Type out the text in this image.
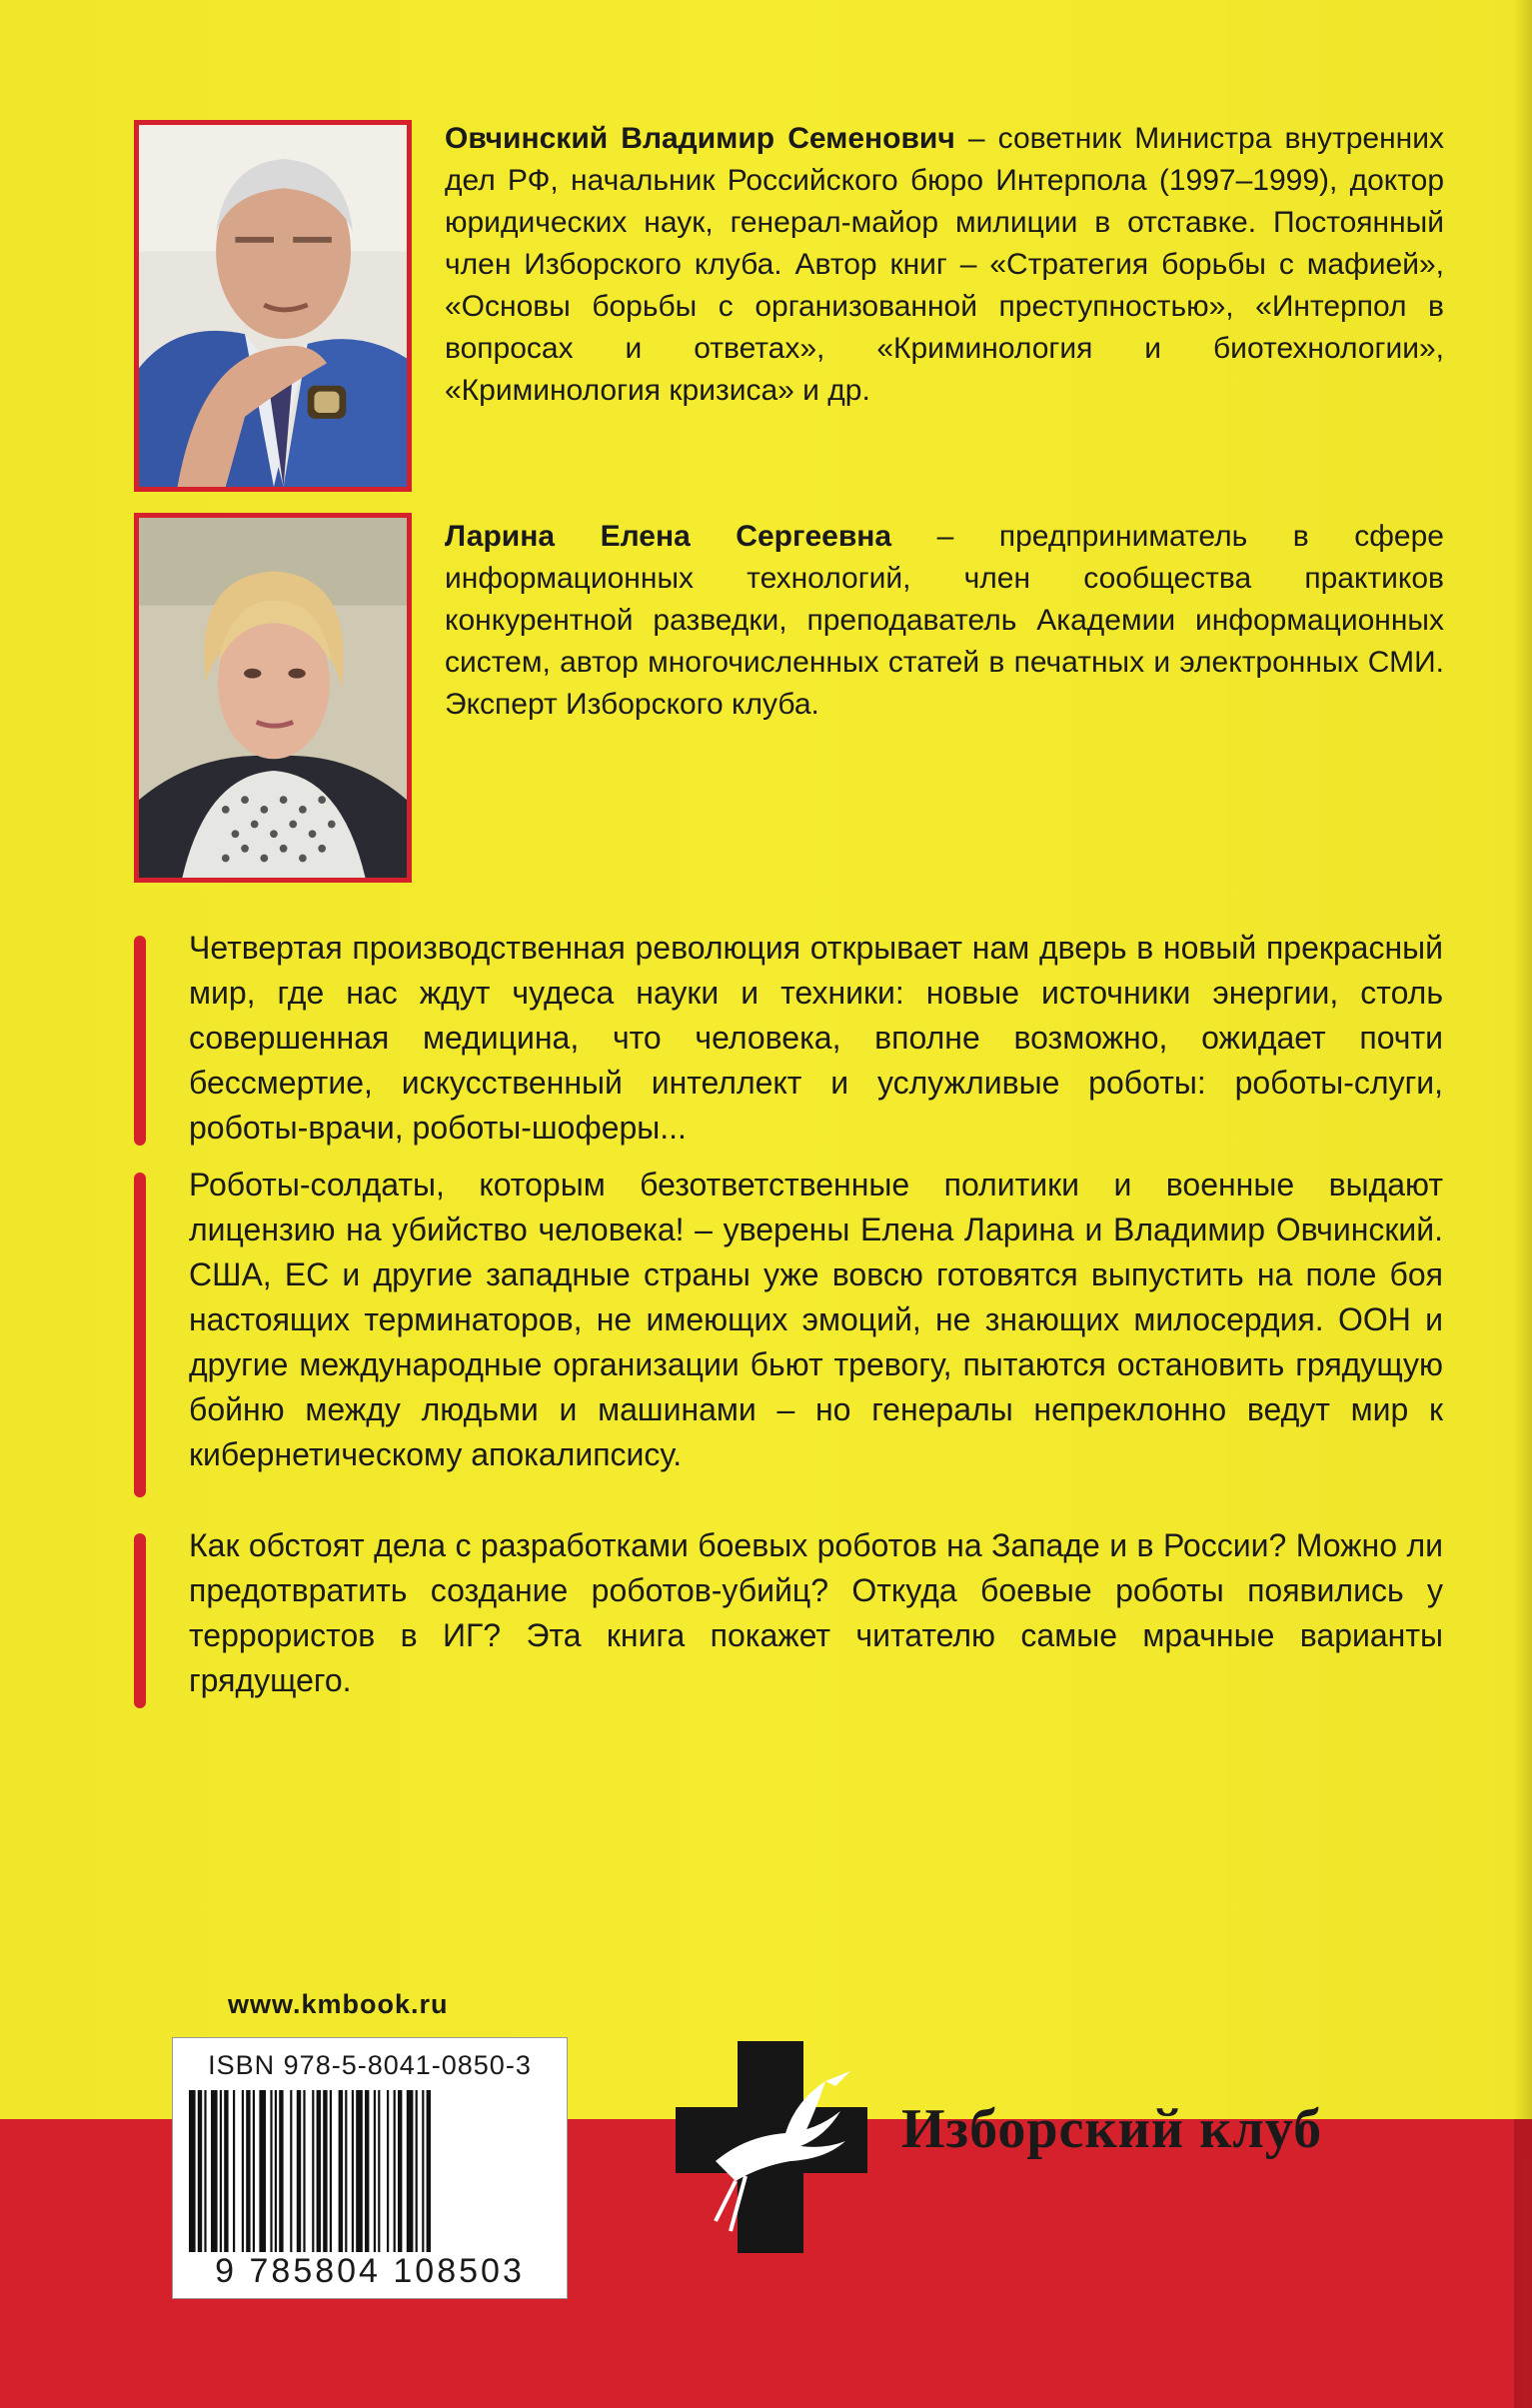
Овчинский Владимир Семенович – советник Министра внутренних дел РФ, начальник Российского бюро Интерпола (1997–1999), доктор юридических наук, генерал-майор милиции в отставке. Постоянный член Изборского клуба. Автор книг – «Стратегия борьбы с мафией», «Основы борьбы с организованной преступностью», «Интерпол в вопросах и ответах», «Криминология и биотехнологии», «Криминология кризиса» и др.

Ларина Елена Сергеевна – предприниматель в сфере информационных технологий, член сообщества практиков конкурентной разведки, преподаватель Академии информационных систем, автор многочисленных статей в печатных и электронных СМИ. Эксперт Изборского клуба.

Четвертая производственная революция открывает нам дверь в новый прекрасный мир, где нас ждут чудеса науки и техники: новые источники энергии, столь совершенная медицина, что человека, вполне возможно, ожидает почти бессмертие, искусственный интеллект и услужливые роботы: роботы-слуги, роботы-врачи, роботы-шоферы...

Роботы-солдаты, которым безответственные политики и военные выдают лицензию на убийство человека! – уверены Елена Ларина и Владимир Овчинский. США, ЕС и другие западные страны уже вовсю готовятся выпустить на поле боя настоящих терминаторов, не имеющих эмоций, не знающих милосердия. ООН и другие международные организации бьют тревогу, пытаются остановить грядущую бойню между людьми и машинами – но генералы непреклонно ведут мир к кибернетическому апокалипсису.

Как обстоят дела с разработками боевых роботов на Западе и в России? Можно ли предотвратить создание роботов-убийц? Откуда боевые роботы появились у террористов в ИГ? Эта книга покажет читателю самые мрачные варианты грядущего.

www.kmbook.ru
ISBN 978-5-8041-0850-3
9 785804 108503
Изборский клуб
